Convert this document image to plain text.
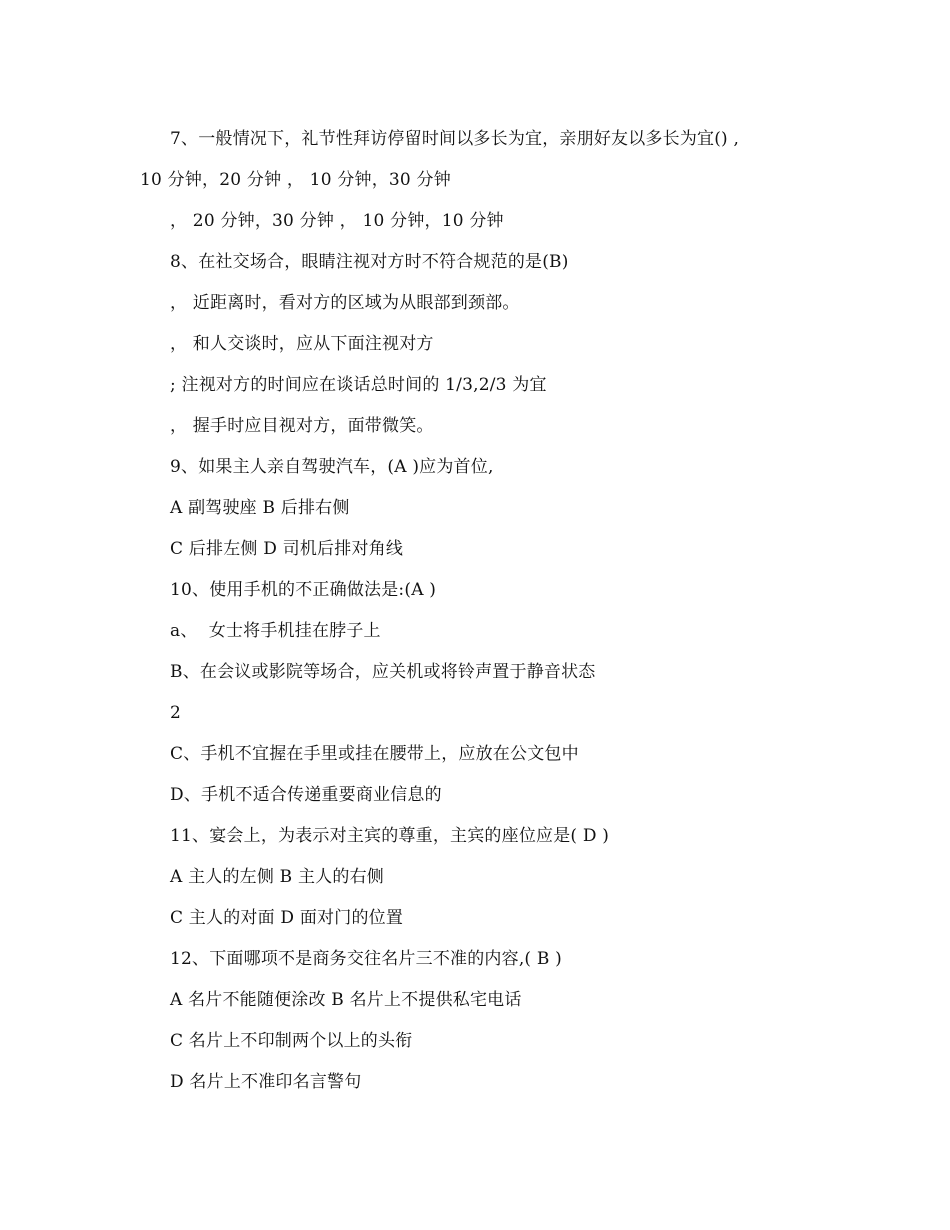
7、一般情况下，礼节性拜访停留时间以多长为宜，亲朋好友以多长为宜() ,
10 分钟，20 分钟 ， 10 分钟，30 分钟
， 20 分钟，30 分钟 ， 10 分钟，10 分钟
8、在社交场合，眼睛注视对方时不符合规范的是(B)
， 近距离时，看对方的区域为从眼部到颈部。
， 和人交谈时，应从下面注视对方
; 注视对方的时间应在谈话总时间的 1/3,2/3 为宜
， 握手时应目视对方，面带微笑。
9、如果主人亲自驾驶汽车，(A )应为首位,
A 副驾驶座 B 后排右侧
C 后排左侧 D 司机后排对角线
10、使用手机的不正确做法是:(A )
a、  女士将手机挂在脖子上
B、在会议或影院等场合，应关机或将铃声置于静音状态
2
C、手机不宜握在手里或挂在腰带上，应放在公文包中
D、手机不适合传递重要商业信息的
11、宴会上，为表示对主宾的尊重，主宾的座位应是( D )
A 主人的左侧 B 主人的右侧
C 主人的对面 D 面对门的位置
12、下面哪项不是商务交往名片三不准的内容,( B )
A 名片不能随便涂改 B 名片上不提供私宅电话
C 名片上不印制两个以上的头衔
D 名片上不准印名言警句
